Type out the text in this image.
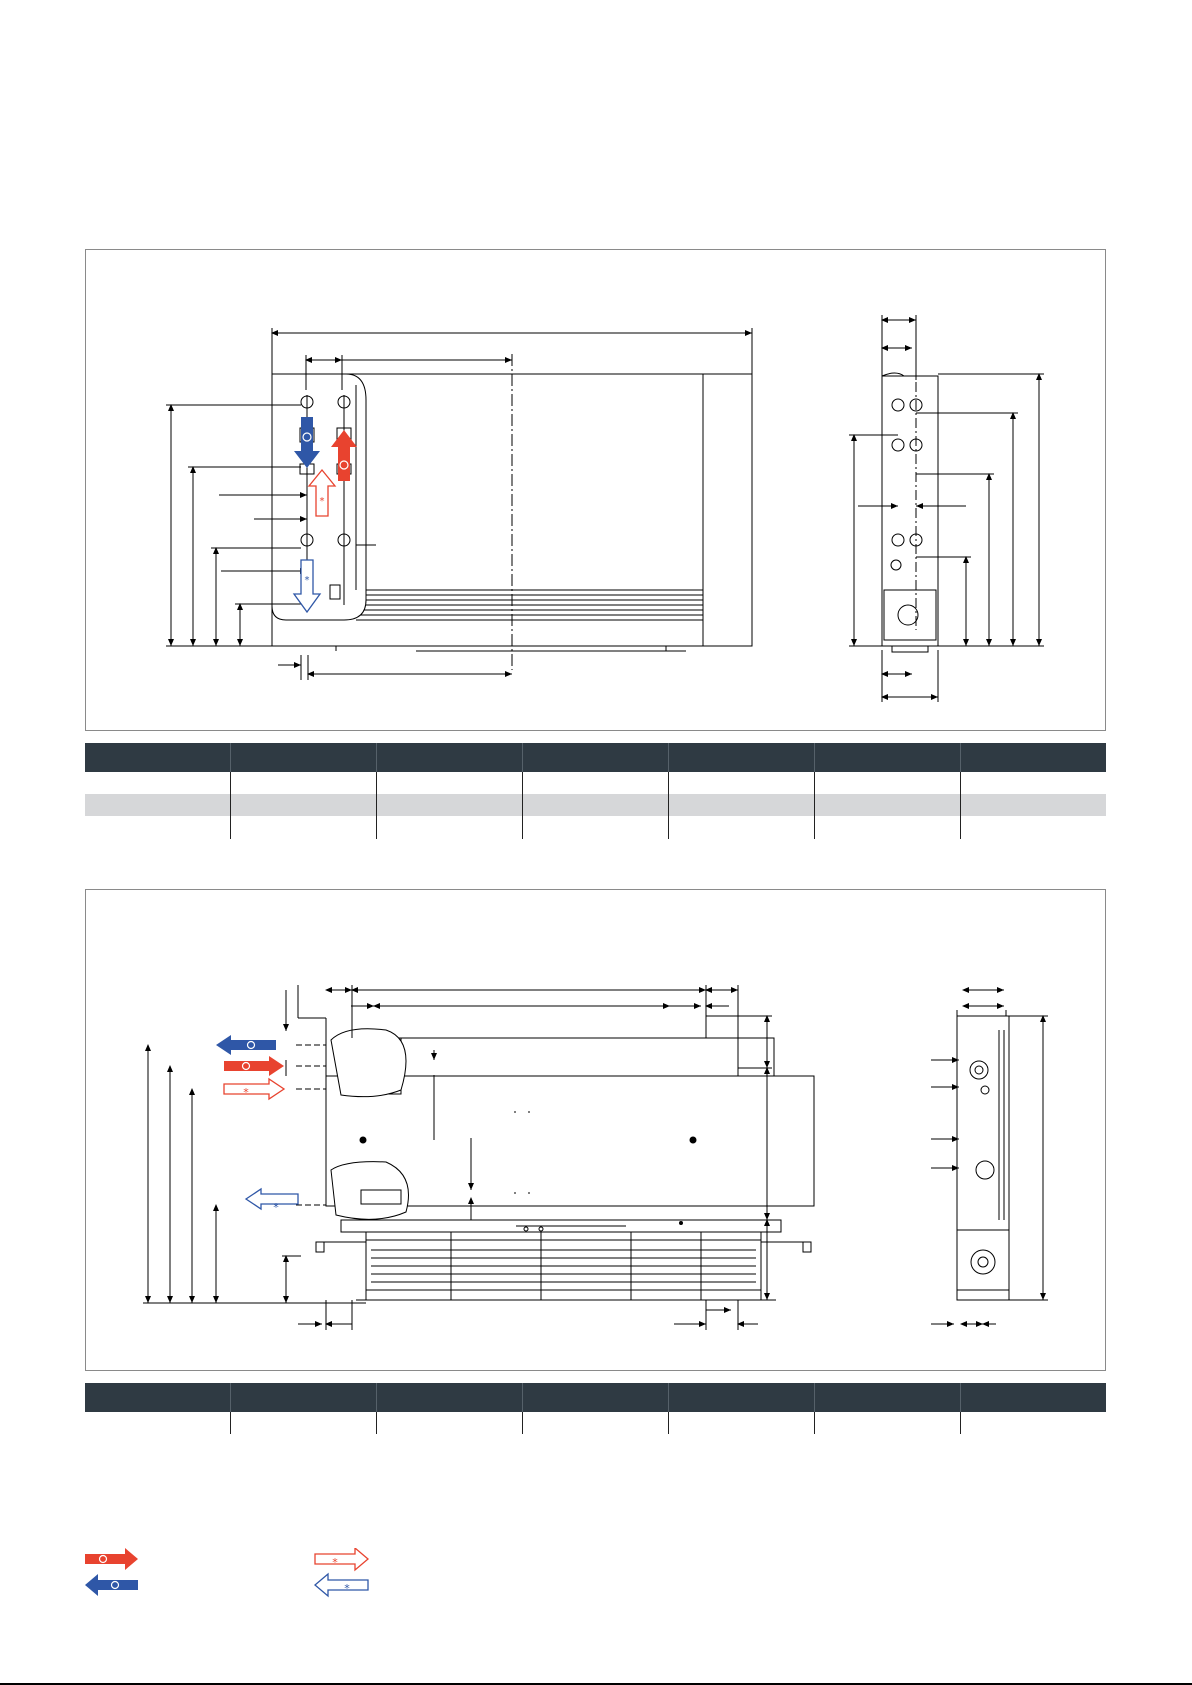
*
*
*
*
*
*
